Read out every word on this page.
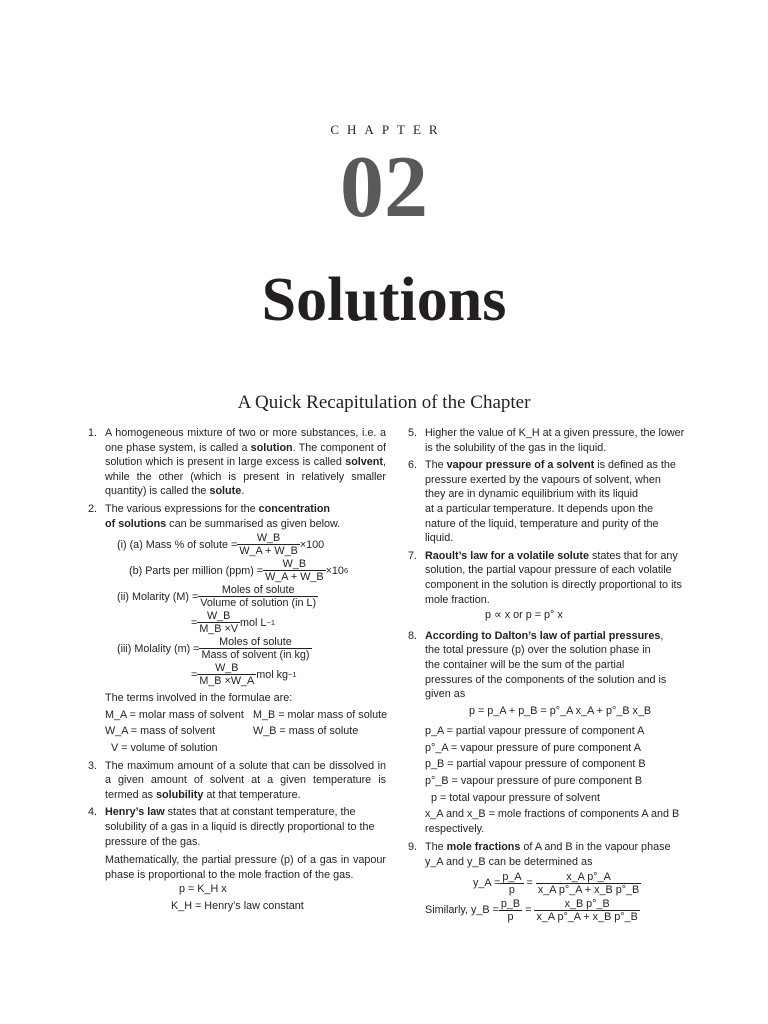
CHAPTER
02
Solutions
A Quick Recapitulation of the Chapter
1. A homogeneous mixture of two or more substances, i.e. a one phase system, is called a solution. The component of solution which is present in large excess is called solvent, while the other (which is present in relatively smaller quantity) is called the solute.
2. The various expressions for the concentration
of solutions can be summarised as given below.
(i) (a) Mass % of solute = $\frac{W\_B}{W\_A + W\_B} \times 100$
(b) Parts per million $(ppm) = \frac{W\_B}{W\_A + W\_B} \times 10$ 6
(ii) Molarity $(M) = \frac{\text{Moles of solute}}{\text{Volume of solution (in L)}}$
= $\frac{W\_B}{M\_B \times V}$ mol L −1
(iii) Molality $(m) = \frac{\text{Moles of solute}}{\text{Mass of solvent (in kg)}}$
= $\frac{W\_B}{M\_B \times W\_A}$ mol kg −1
The terms involved in the formulae are:
M_A = molar mass of solvent M_B = molar mass of solute
W_A = mass of solvent	W_B = mass of solute
V = volume of solution
3. The maximum amount of a solute that can be dissolved in a given amount of solvent at a given temperature is termed as solubility at that temperature.
4. Henry’s law states that at constant temperature, the solubility of a gas in a liquid is directly proportional to the pressure of the gas.
Mathematically, the partial pressure (p) of a gas in vapour phase is proportional to the mole fraction of the gas.
p = K_H x
K_H = Henry’s law constant
5. Higher the value of K_H at a given pressure, the lower is the solubility of the gas in the liquid.
6. The vapour pressure of a solvent is defined as the
pressure exerted by the vapours of solvent, when
they are in dynamic equilibrium with its liquid
at a particular temperature. It depends upon the
nature of the liquid, temperature and purity of the
liquid.
7. Raoult’s law for a volatile solute states that for any solution, the partial vapour pressure of each volatile component in the solution is directly proportional to its mole fraction.
p ∝ x or p = p° x
8. According to Dalton’s law of partial pressures,
the total pressure (p) over the solution phase in
the container will be the sum of the partial
pressures of the components of the solution and is
given as
p = p_A + p_B = p°_A x_A + p°_B x_B
p_A = partial vapour pressure of component A
p°_A = vapour pressure of pure component A
p_B = partial vapour pressure of component B
p°_B = vapour pressure of pure component B
p = total vapour pressure of solvent
x_A and x_B = mole fractions of components A and B
respectively.
9. The mole fractions of A and B in the vapour phase
y_A and y_B can be determined as
y_A = $\frac{p\_A}{p} = \frac{\text{x\_A p°\_A}}{\text{x\_A p°\_A + x\_B p°\_B}}$
Similarly, y_B = $\frac{p\_B}{p} = \frac{\text{x\_B p°\_B}}{\text{x\_A p°\_A + x\_B p°\_B}}$
